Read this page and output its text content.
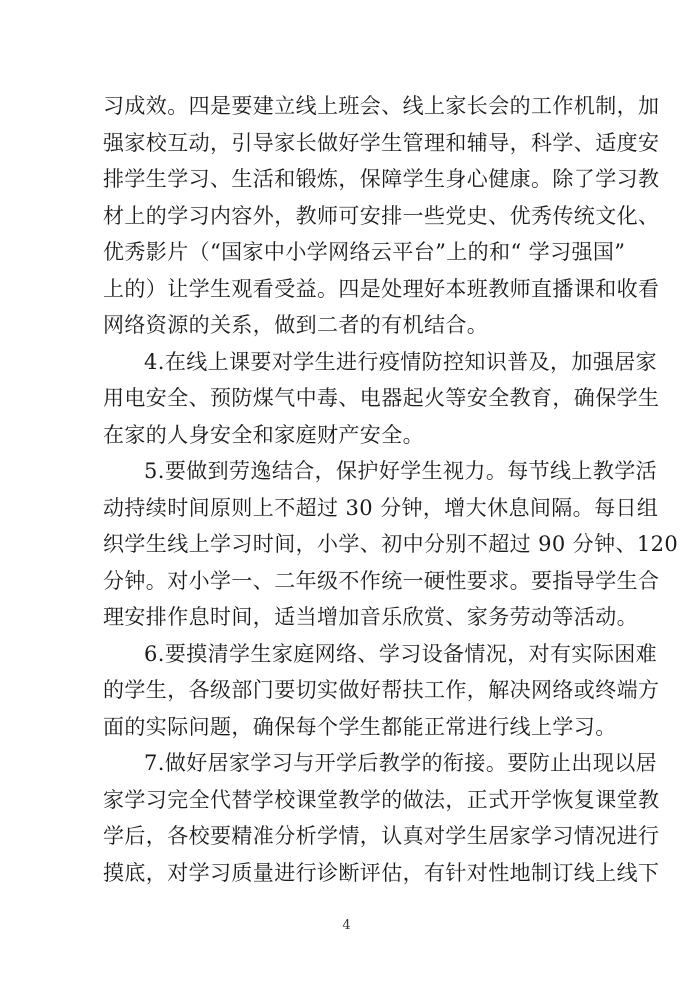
习成效。四是要建立线上班会、线上家长会的工作机制，加
强家校互动，引导家长做好学生管理和辅导，科学、适度安
排学生学习、生活和锻炼，保障学生身心健康。除了学习教
材上的学习内容外，教师可安排一些党史、优秀传统文化、
优秀影片（“国家中小学网络云平台”上的和“ 学习强国”
上的）让学生观看受益。四是处理好本班教师直播课和收看
网络资源的关系，做到二者的有机结合。
4.在线上课要对学生进行疫情防控知识普及，加强居家
用电安全、预防煤气中毒、电器起火等安全教育，确保学生
在家的人身安全和家庭财产安全。
5.要做到劳逸结合，保护好学生视力。每节线上教学活
动持续时间原则上不超过 30 分钟，增大休息间隔。每日组
织学生线上学习时间，小学、初中分别不超过 90 分钟、120
分钟。对小学一、二年级不作统一硬性要求。要指导学生合
理安排作息时间，适当增加音乐欣赏、家务劳动等活动。
6.要摸清学生家庭网络、学习设备情况，对有实际困难
的学生，各级部门要切实做好帮扶工作，解决网络或终端方
面的实际问题，确保每个学生都能正常进行线上学习。
7.做好居家学习与开学后教学的衔接。要防止出现以居
家学习完全代替学校课堂教学的做法，正式开学恢复课堂教
学后，各校要精准分析学情，认真对学生居家学习情况进行
摸底，对学习质量进行诊断评估，有针对性地制订线上线下
4
